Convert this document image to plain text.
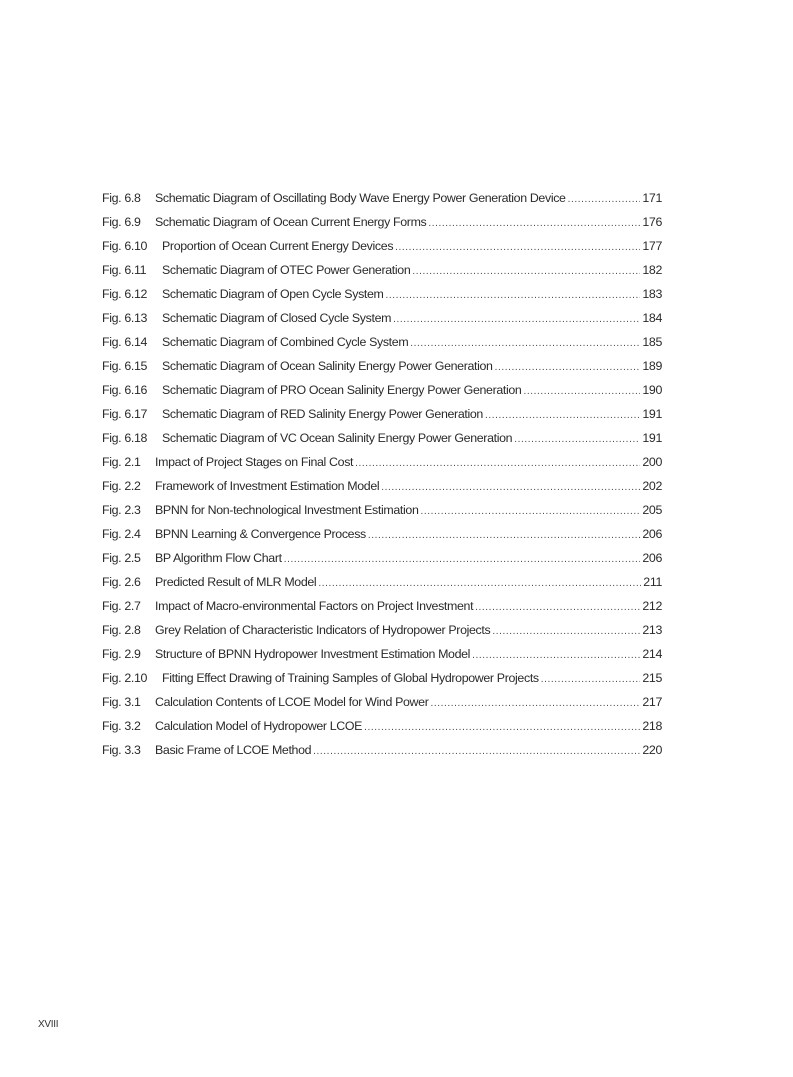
Fig. 6.8	Schematic Diagram of Oscillating Body Wave Energy Power Generation Device .....	171
Fig. 6.9	Schematic Diagram of Ocean Current Energy Forms .....	176
Fig. 6.10	Proportion of Ocean Current Energy Devices .....	177
Fig. 6.11	Schematic Diagram of OTEC Power Generation .....	182
Fig. 6.12	Schematic Diagram of Open Cycle System .....	183
Fig. 6.13	Schematic Diagram of Closed Cycle System .....	184
Fig. 6.14	Schematic Diagram of Combined Cycle System .....	185
Fig. 6.15	Schematic Diagram of Ocean Salinity Energy Power Generation .....	189
Fig. 6.16	Schematic Diagram of PRO Ocean Salinity Energy Power Generation .....	190
Fig. 6.17	Schematic Diagram of RED Salinity Energy Power Generation .....	191
Fig. 6.18	Schematic Diagram of VC Ocean Salinity Energy Power Generation .....	191
Fig. 2.1	Impact of Project Stages on Final Cost .....	200
Fig. 2.2	Framework of Investment Estimation Model .....	202
Fig. 2.3	BPNN for Non-technological Investment Estimation .....	205
Fig. 2.4	BPNN Learning & Convergence Process .....	206
Fig. 2.5	BP Algorithm Flow Chart .....	206
Fig. 2.6	Predicted Result of MLR Model .....	211
Fig. 2.7	Impact of Macro-environmental Factors on Project Investment .....	212
Fig. 2.8	Grey Relation of Characteristic Indicators of Hydropower Projects .....	213
Fig. 2.9	Structure of BPNN Hydropower Investment Estimation Model .....	214
Fig. 2.10	Fitting Effect Drawing of Training Samples of Global Hydropower Projects .....	215
Fig. 3.1	Calculation Contents of LCOE Model for Wind Power .....	217
Fig. 3.2	Calculation Model of Hydropower LCOE .....	218
Fig. 3.3	Basic Frame of LCOE Method .....	220
XVIII
